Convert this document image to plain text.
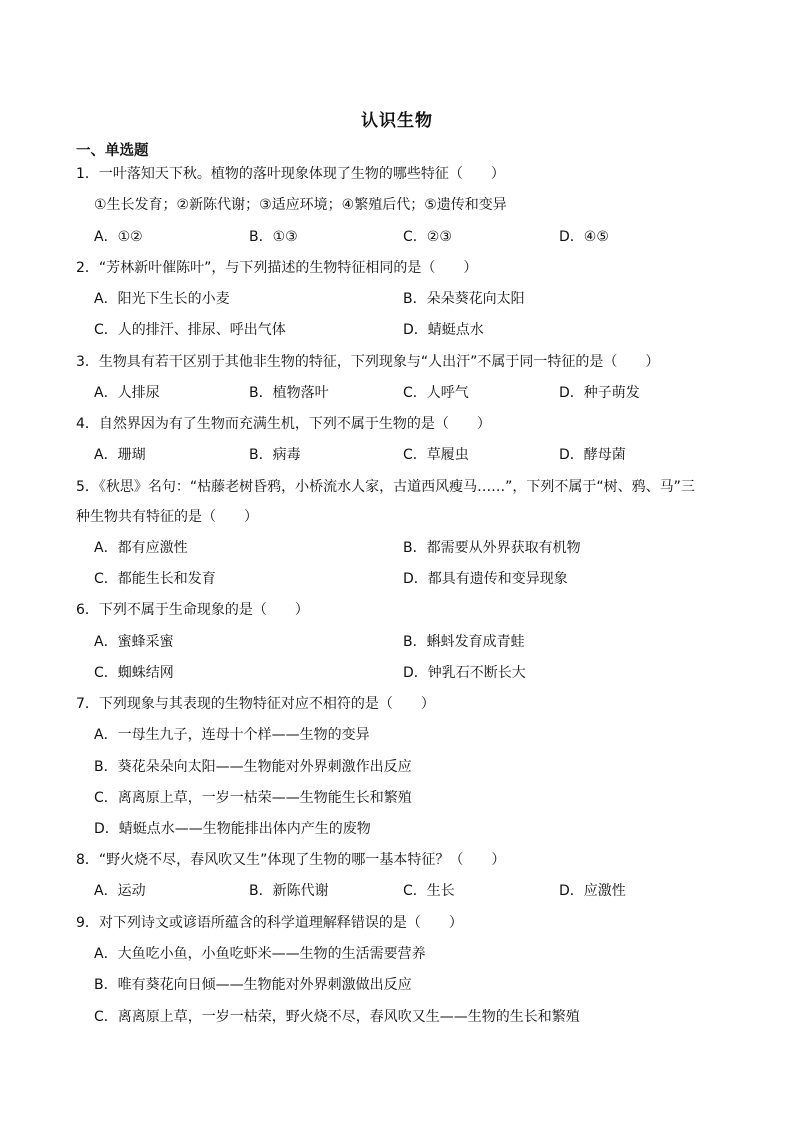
认识生物
一、单选题
1．一叶落知天下秋。植物的落叶现象体现了生物的哪些特征（　　）
①生长发育；②新陈代谢；③适应环境；④繁殖后代；⑤遗传和变异
A．①②	B．①③	C．②③	D．④⑤
2．“芳林新叶催陈叶”，与下列描述的生物特征相同的是（　　）
A．阳光下生长的小麦	B．朵朵葵花向太阳
C．人的排汗、排尿、呼出气体	D．蜻蜓点水
3．生物具有若干区别于其他非生物的特征，下列现象与“人出汗”不属于同一特征的是（　　）
A．人排尿	B．植物落叶	C．人呼气	D．种子萌发
4．自然界因为有了生物而充满生机，下列不属于生物的是（　　）
A．珊瑚	B．病毒	C．草履虫	D．酵母菌
5．《秋思》名句：“枯藤老树昏鸦，小桥流水人家，古道西风瘦马……”，下列不属于“树、鸦、马”三
种生物共有特征的是（　　）
A．都有应激性	B．都需要从外界获取有机物
C．都能生长和发育	D．都具有遗传和变异现象
6．下列不属于生命现象的是（　　）
A．蜜蜂采蜜	B．蝌蚪发育成青蛙
C．蜘蛛结网	D．钟乳石不断长大
7．下列现象与其表现的生物特征对应不相符的是（　　）
A．一母生九子，连母十个样——生物的变异
B．葵花朵朵向太阳——生物能对外界刺激作出反应
C．离离原上草，一岁一枯荣——生物能生长和繁殖
D．蜻蜓点水——生物能排出体内产生的废物
8．“野火烧不尽，春风吹又生”体现了生物的哪一基本特征？（　　）
A．运动	B．新陈代谢	C．生长	D．应激性
9．对下列诗文或谚语所蕴含的科学道理解释错误的是（　　）
A．大鱼吃小鱼，小鱼吃虾米——生物的生活需要营养
B．唯有葵花向日倾——生物能对外界刺激做出反应
C．离离原上草，一岁一枯荣，野火烧不尽，春风吹又生——生物的生长和繁殖
